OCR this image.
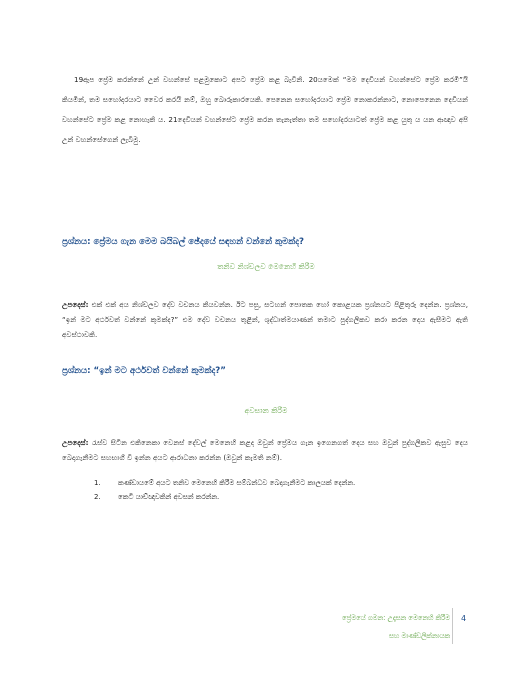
19ඇප ප්‍රේම කරන්නේ උන් වහන්සේ පළමුකොට අපට ප්‍රේම කළ බැවිනි. 20යමෙක් “මම දෙවියන් වහන්සේට ප්‍රේම කරමි”යි කියමින්, තම සහෝදරයාට වෛර කරයි නම්, ඔහු බොරුකාරයෙකි. පෙනෙන සහෝදරයාට ප්‍රේම නොකරන්නාට, නොපෙනෙන දෙවියන් වහන්සේට ප්‍රේම කළ නොහැකි ය. 21දෙවියන් වහන්සේට ප්‍රේම කරන තැනැත්තා තම සහෝදරයාටත් ප්‍රේම කළ යුතු ය යන ආඥාව අපි උන් වහන්සේගෙන් ලැබීමු.

ප්‍රශ්නය: ප්‍රේමය ගැන මෙම බයිබල් ඡේදයේ සඳහන් වන්නේ කුමක්ද?
තනිව නිශ්චලව මෙනෙහි කිරීම

උපදෙස්: එක් එක් අය නිශ්චලව දේව වචනය කියවන්න. ඊට පසු, සටහන් පොතක හෝ කොළයක ප්‍රශ්නයට පිළිතුරු දෙන්න. ප්‍රශ්නය, “ඉන් මට අර්ථවත් වන්නේ කුමක්ද?” එම දේව වචනය තුළින්, ශුද්ධාත්මයාණන් තමාට පුද්ගලිකව කරා කරන දෙය ඇසීමට ඇති අවස්ථාවකි.

ප්‍රශ්නය: “ඉන් මට අර්ථවත් වන්නේ කුමක්ද?”
අවසාන කිරීම

උපදෙස්: රැස්ව සිටින එකිනෙකා වෙනස් දේවල් මෙනෙහි කළද ඔවුන් ප්‍රේමය ගැන ඉගෙනගත් දෙය සහ ඔවුන් පුද්ගලිකව ඇසුව දෙය බෙදාගැනීමට සහභාගී වී ඉන්න අයට ආරාධනා කරන්න (ඔවුන් කැමති නම්).

1.	කණ්ඩායමේ අයට තනිව මෙනෙහි කිරීම සම්බන්ධව බෙදාගැනීමට කාලයක් දෙන්න.
2.	කෙටි යාච්ඥාවකින් අවසන් කරන්න.
ප්‍රේමයේ ගමන: උදෑසන මෙනෙහි කිරීම
සහ මාණ්ඩලික්නායක
4
